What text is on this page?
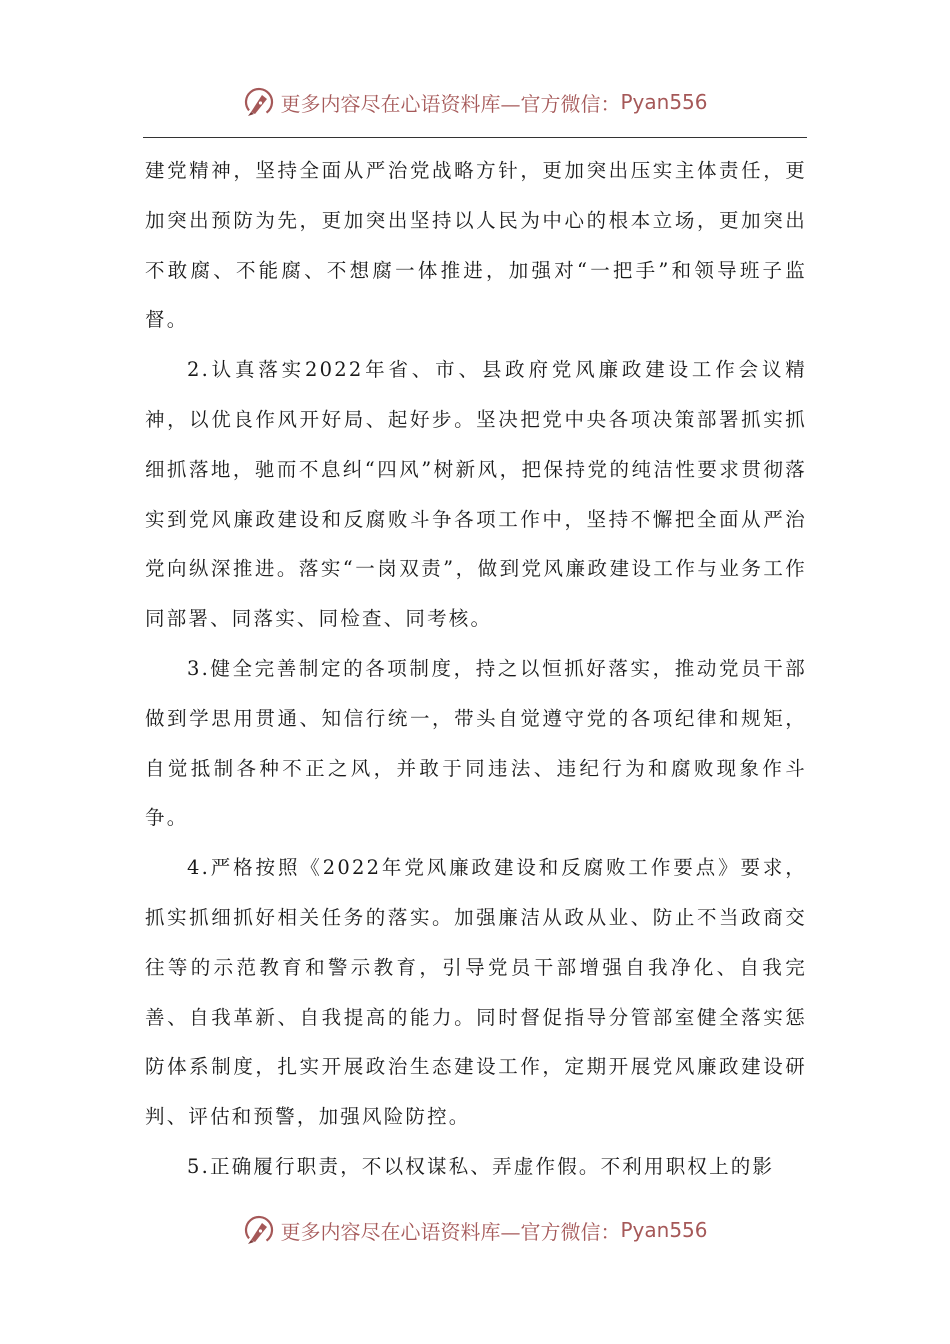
更多内容尽在心语资料库—官方微信： Pyan556

建党精神，坚持全面从严治党战略方针，更加突出压实主体责任，更加突出预防为先，更加突出坚持以人民为中心的根本立场，更加突出不敢腐、不能腐、不想腐一体推进，加强对“一把手”和领导班子监督。

2.认真落实2022年省、市、县政府党风廉政建设工作会议精神，以优良作风开好局、起好步。坚决把党中央各项决策部署抓实抓细抓落地，驰而不息纠“四风”树新风，把保持党的纯洁性要求贯彻落实到党风廉政建设和反腐败斗争各项工作中，坚持不懈把全面从严治党向纵深推进。落实“一岗双责”，做到党风廉政建设工作与业务工作同部署、同落实、同检查、同考核。

3.健全完善制定的各项制度，持之以恒抓好落实，推动党员干部做到学思用贯通、知信行统一，带头自觉遵守党的各项纪律和规矩，自觉抵制各种不正之风，并敢于同违法、违纪行为和腐败现象作斗争。

4.严格按照《2022年党风廉政建设和反腐败工作要点》要求，抓实抓细抓好相关任务的落实。加强廉洁从政从业、防止不当政商交往等的示范教育和警示教育，引导党员干部增强自我净化、自我完善、自我革新、自我提高的能力。同时督促指导分管部室健全落实惩防体系制度，扎实开展政治生态建设工作，定期开展党风廉政建设研判、评估和预警，加强风险防控。

5.正确履行职责，不以权谋私、弄虚作假。不利用职权上的影

更多内容尽在心语资料库—官方微信： Pyan556
